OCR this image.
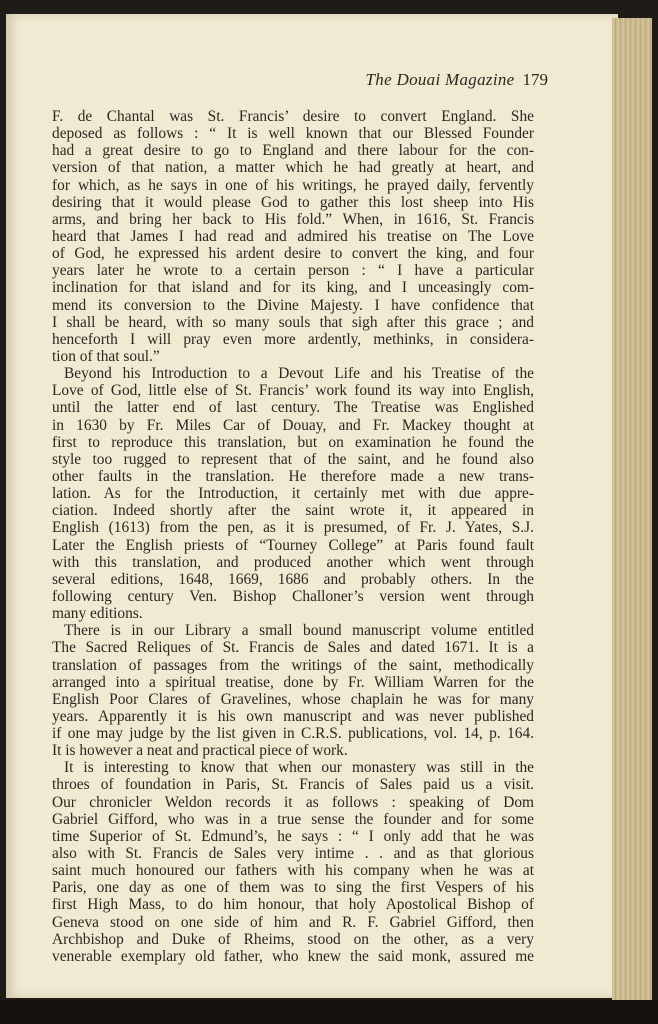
The Douai Magazine 179
F. de Chantal was St. Francis’ desire to convert England. She
deposed as follows : “ It is well known that our Blessed Founder
had a great desire to go to England and there labour for the con-
version of that nation, a matter which he had greatly at heart, and
for which, as he says in one of his writings, he prayed daily, fervently
desiring that it would please God to gather this lost sheep into His
arms, and bring her back to His fold.” When, in 1616, St. Francis
heard that James I had read and admired his treatise on The Love
of God, he expressed his ardent desire to convert the king, and four
years later he wrote to a certain person : “ I have a particular
inclination for that island and for its king, and I unceasingly com-
mend its conversion to the Divine Majesty. I have confidence that
I shall be heard, with so many souls that sigh after this grace ; and
henceforth I will pray even more ardently, methinks, in considera-
tion of that soul.”
Beyond his Introduction to a Devout Life and his Treatise of the
Love of God, little else of St. Francis’ work found its way into English,
until the latter end of last century. The Treatise was Englished
in 1630 by Fr. Miles Car of Douay, and Fr. Mackey thought at
first to reproduce this translation, but on examination he found the
style too rugged to represent that of the saint, and he found also
other faults in the translation. He therefore made a new trans-
lation. As for the Introduction, it certainly met with due appre-
ciation. Indeed shortly after the saint wrote it, it appeared in
English (1613) from the pen, as it is presumed, of Fr. J. Yates, S.J.
Later the English priests of “Tourney College” at Paris found fault
with this translation, and produced another which went through
several editions, 1648, 1669, 1686 and probably others. In the
following century Ven. Bishop Challoner’s version went through
many editions.
There is in our Library a small bound manuscript volume entitled
The Sacred Reliques of St. Francis de Sales and dated 1671. It is a
translation of passages from the writings of the saint, methodically
arranged into a spiritual treatise, done by Fr. William Warren for the
English Poor Clares of Gravelines, whose chaplain he was for many
years. Apparently it is his own manuscript and was never published
if one may judge by the list given in C.R.S. publications, vol. 14, p. 164.
It is however a neat and practical piece of work.
It is interesting to know that when our monastery was still in the
throes of foundation in Paris, St. Francis of Sales paid us a visit.
Our chronicler Weldon records it as follows : speaking of Dom
Gabriel Gifford, who was in a true sense the founder and for some
time Superior of St. Edmund’s, he says : “ I only add that he was
also with St. Francis de Sales very intime . . and as that glorious
saint much honoured our fathers with his company when he was at
Paris, one day as one of them was to sing the first Vespers of his
first High Mass, to do him honour, that holy Apostolical Bishop of
Geneva stood on one side of him and R. F. Gabriel Gifford, then
Archbishop and Duke of Rheims, stood on the other, as a very
venerable exemplary old father, who knew the said monk, assured me
